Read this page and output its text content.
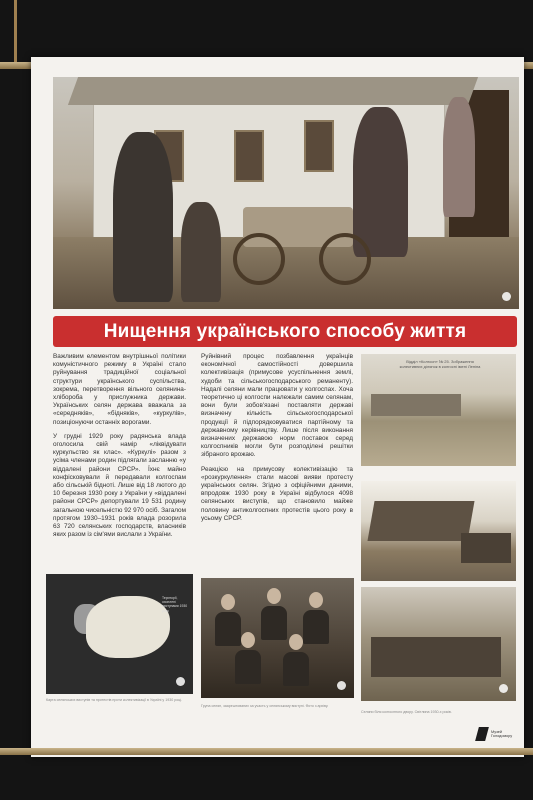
Нищення українського способу життя

Важливим елементом внутрішньої політики комуністичного режиму в Україні стало руйнування традиційної соціальної структури українського суспільства, зокрема, перетворення вільного селянина-хлібороба у прислужника держави. Українських селян держава вважала за «середняків», «бідняків», «куркулів», позиціонуючи останніх ворогами.

У грудні 1929 року радянська влада оголосила свій намір «ліквідувати куркульство як клас». «Куркулі» разом з усіма членами родин підлягали засланню «у віддалені райони СРСР». Їхнє майно конфісковували й передавали колгоспам або сільській бідноті. Лише від 18 лютого до 10 березня 1930 року з України у «віддалені райони СРСР» депортували 19 531 родину загальною чисельністю 92 970 осіб. Загалом протягом 1930–1931 років влада розорила 63 720 селянських господарств, власників яких разом із сім'ями вислали з України.

Руйнівний процес позбавлення українців економічної самостійності довершила колективізація (примусове усуспільнення землі, худоби та сільськогосподарського реманенту). Надалі селяни мали працювати у колгоспах. Хоча теоретично ці колгоспи належали самим селянам, вони були зобов'язані поставляти державі визначену кількість сільськогосподарської продукції й підпорядковуватися партійному та державному керівництву. Лише після виконання визначених державою норм поставок серед колгоспників могли бути розподілені решітки зібраного врожаю.

Реакцією на примусову колективізацію та «розкуркулення» стали масові вияви протесту українських селян. Згідно з офіційними даними, впродовж 1930 року в Україні відбулося 4098 селянських виступів, що становило майже половину антиколгоспних протестів цього року в усьому СРСР.

Відділ «Колгосп» № 25. Зображення колективних ділянок в колгоспі імені Леніна
Території, охоплені виступами 1930 року
Карта селянських виступів та протестів проти колективізації в Україні у 1930 році.
Група селян, заарештованих за участь у селянському виступі. Фото з архіву.
Селяни біля колгоспного двору. Світлина 1930-х років.
Музей Голодомору
